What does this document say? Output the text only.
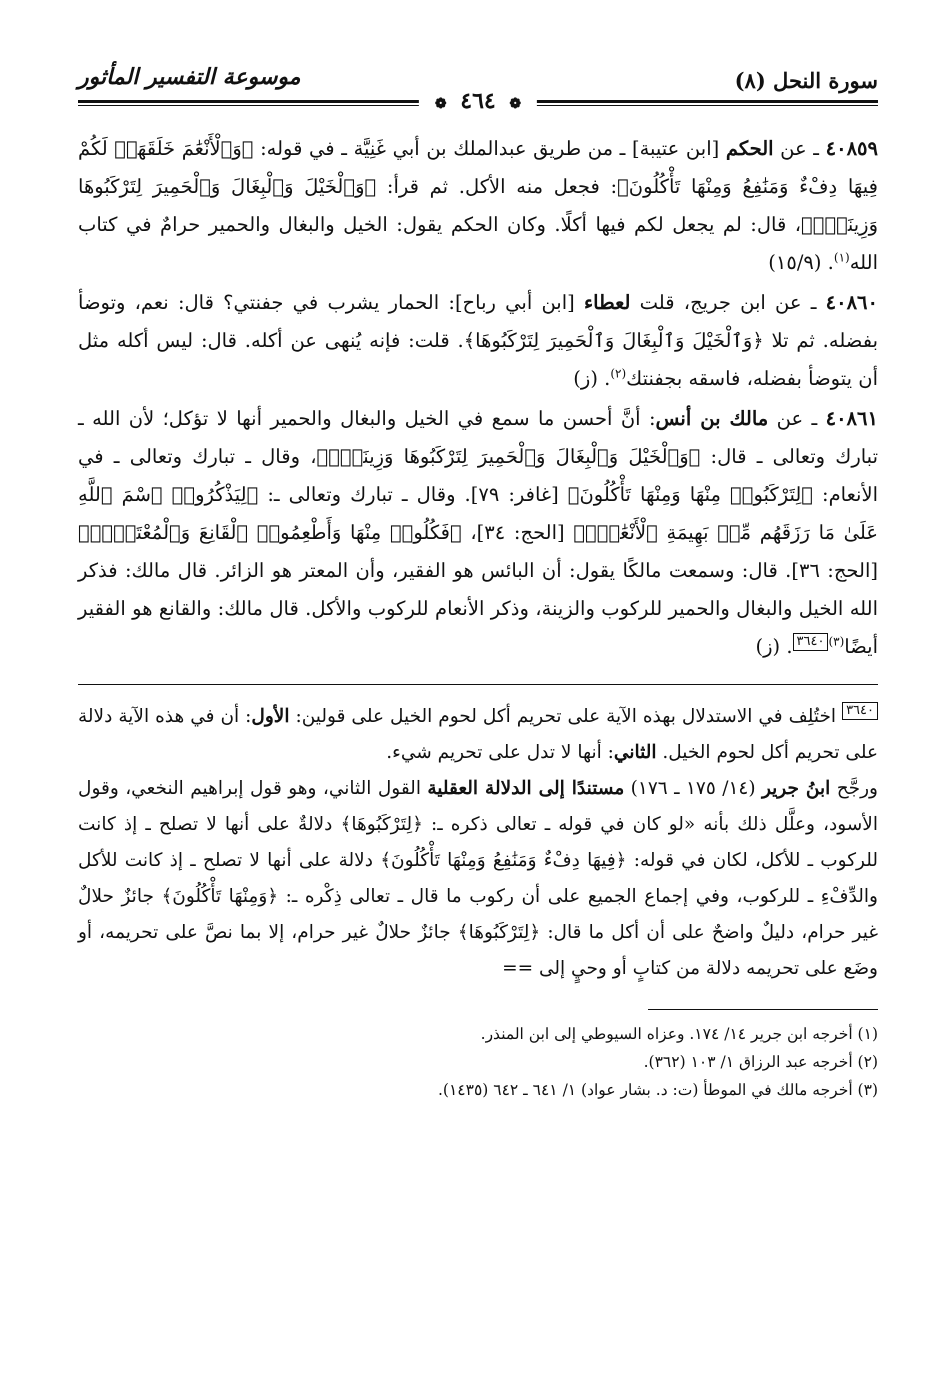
سورة النحل (٨)
موسوعة التفسير المأثور
❁ ٤٦٤ ❁

٤٠٨٥٩ ـ عن الحكم [ابن عتيبة] ـ من طريق عبدالملك بن أبي غَنِيَّة ـ في قوله: ﴿وَٱلْأَنْعَٰمَ خَلَقَهَاۗ لَكُمْ فِيهَا دِفْءٌ وَمَنَٰفِعُ وَمِنْهَا تَأْكُلُونَ﴾: فجعل منه الأكل. ثم قرأ: ﴿وَٱلْخَيْلَ وَٱلْبِغَالَ وَٱلْحَمِيرَ لِتَرْكَبُوهَا وَزِينَةًۚ﴾، قال: لم يجعل لكم فيها أكلًا. وكان الحكم يقول: الخيل والبغال والحمير حرامٌ في كتاب الله$^{(١)}$. (١٥/٩)

٤٠٨٦٠ ـ عن ابن جريج، قلت لعطاء [ابن أبي رباح]: الحمار يشرب في جفنتي؟ قال: نعم، وتوضأ بفضله. ثم تلا ﴿وَٱلْخَيْلَ وَٱلْبِغَالَ وَٱلْحَمِيرَ لِتَرْكَبُوهَا﴾. قلت: فإنه يُنهى عن أكله. قال: ليس أكله مثل أن يتوضأ بفضله، فاسقه بجفنتك$^{(٢)}$. (ز)

٤٠٨٦١ ـ عن مالك بن أنس: أنَّ أحسن ما سمع في الخيل والبغال والحمير أنها لا تؤكل؛ لأن الله ـ تبارك وتعالى ـ قال: ﴿وَٱلْخَيْلَ وَٱلْبِغَالَ وَٱلْحَمِيرَ لِتَرْكَبُوهَا وَزِينَةًۚ﴾، وقال ـ تبارك وتعالى ـ في الأنعام: ﴿لِتَرْكَبُوا۟ مِنْهَا وَمِنْهَا تَأْكُلُونَ﴾ [غافر: ٧٩]. وقال ـ تبارك وتعالى ـ: ﴿لِيَذْكُرُوا۟ ٱسْمَ ٱللَّهِ عَلَىٰ مَا رَزَقَهُم مِّنۢ بَهِيمَةِ ٱلْأَنْعَٰمِۗ﴾ [الحج: ٣٤]، ﴿فَكُلُوا۟ مِنْهَا وَأَطْعِمُوا۟ ٱلْقَانِعَ وَٱلْمُعْتَرَّۚ﴾ [الحج: ٣٦]. قال: وسمعت مالكًا يقول: أن البائس هو الفقير، وأن المعتر هو الزائر. قال مالك: فذكر الله الخيل والبغال والحمير للركوب والزينة، وذكر الأنعام للركوب والأكل. قال مالك: والقانع هو الفقير أيضًا$^{(٣)}$٣٦٤٠. (ز)

٣٦٤٠ اختُلِف في الاستدلال بهذه الآية على تحريم أكل لحوم الخيل على قولين: الأول: أن في هذه الآية دلالة على تحريم أكل لحوم الخيل. الثاني: أنها لا تدل على تحريم شيء.

ورجَّح ابنُ جرير (١٤/ ١٧٥ ـ ١٧٦) مستندًا إلى الدلالة العقلية القول الثاني، وهو قول إبراهيم النخعي، وقول الأسود، وعلَّل ذلك بأنه «لو كان في قوله ـ تعالى ذكره ـ: ﴿لِتَرْكَبُوهَا﴾ دلالةٌ على أنها لا تصلح ـ إذ كانت للركوب ـ للأكل، لكان في قوله: ﴿فِيهَا دِفْءٌ وَمَنَٰفِعُ وَمِنْهَا تَأْكُلُونَ﴾ دلالة على أنها لا تصلح ـ إذ كانت للأكل والدِّفْءِ ـ للركوب، وفي إجماع الجميع على أن ركوب ما قال ـ تعالى ذِكْره ـ: ﴿وَمِنْهَا تَأْكُلُونَ﴾ جائزٌ حلالٌ غير حرام، دليلٌ واضحٌ على أن أكل ما قال: ﴿لِتَرْكَبُوهَا﴾ جائزٌ حلالٌ غير حرام، إلا بما نصَّ على تحريمه، أو وضَع على تحريمه دلالة من كتابٍ أو وحيٍ إلى ==

(١) أخرجه ابن جرير ١٤/ ١٧٤. وعزاه السيوطي إلى ابن المنذر.

(٢) أخرجه عبد الرزاق ١/ ١٠٣ (٣٦٢).

(٣) أخرجه مالك في الموطأ (ت: د. بشار عواد) ١/ ٦٤١ ـ ٦٤٢ (١٤٣٥).
